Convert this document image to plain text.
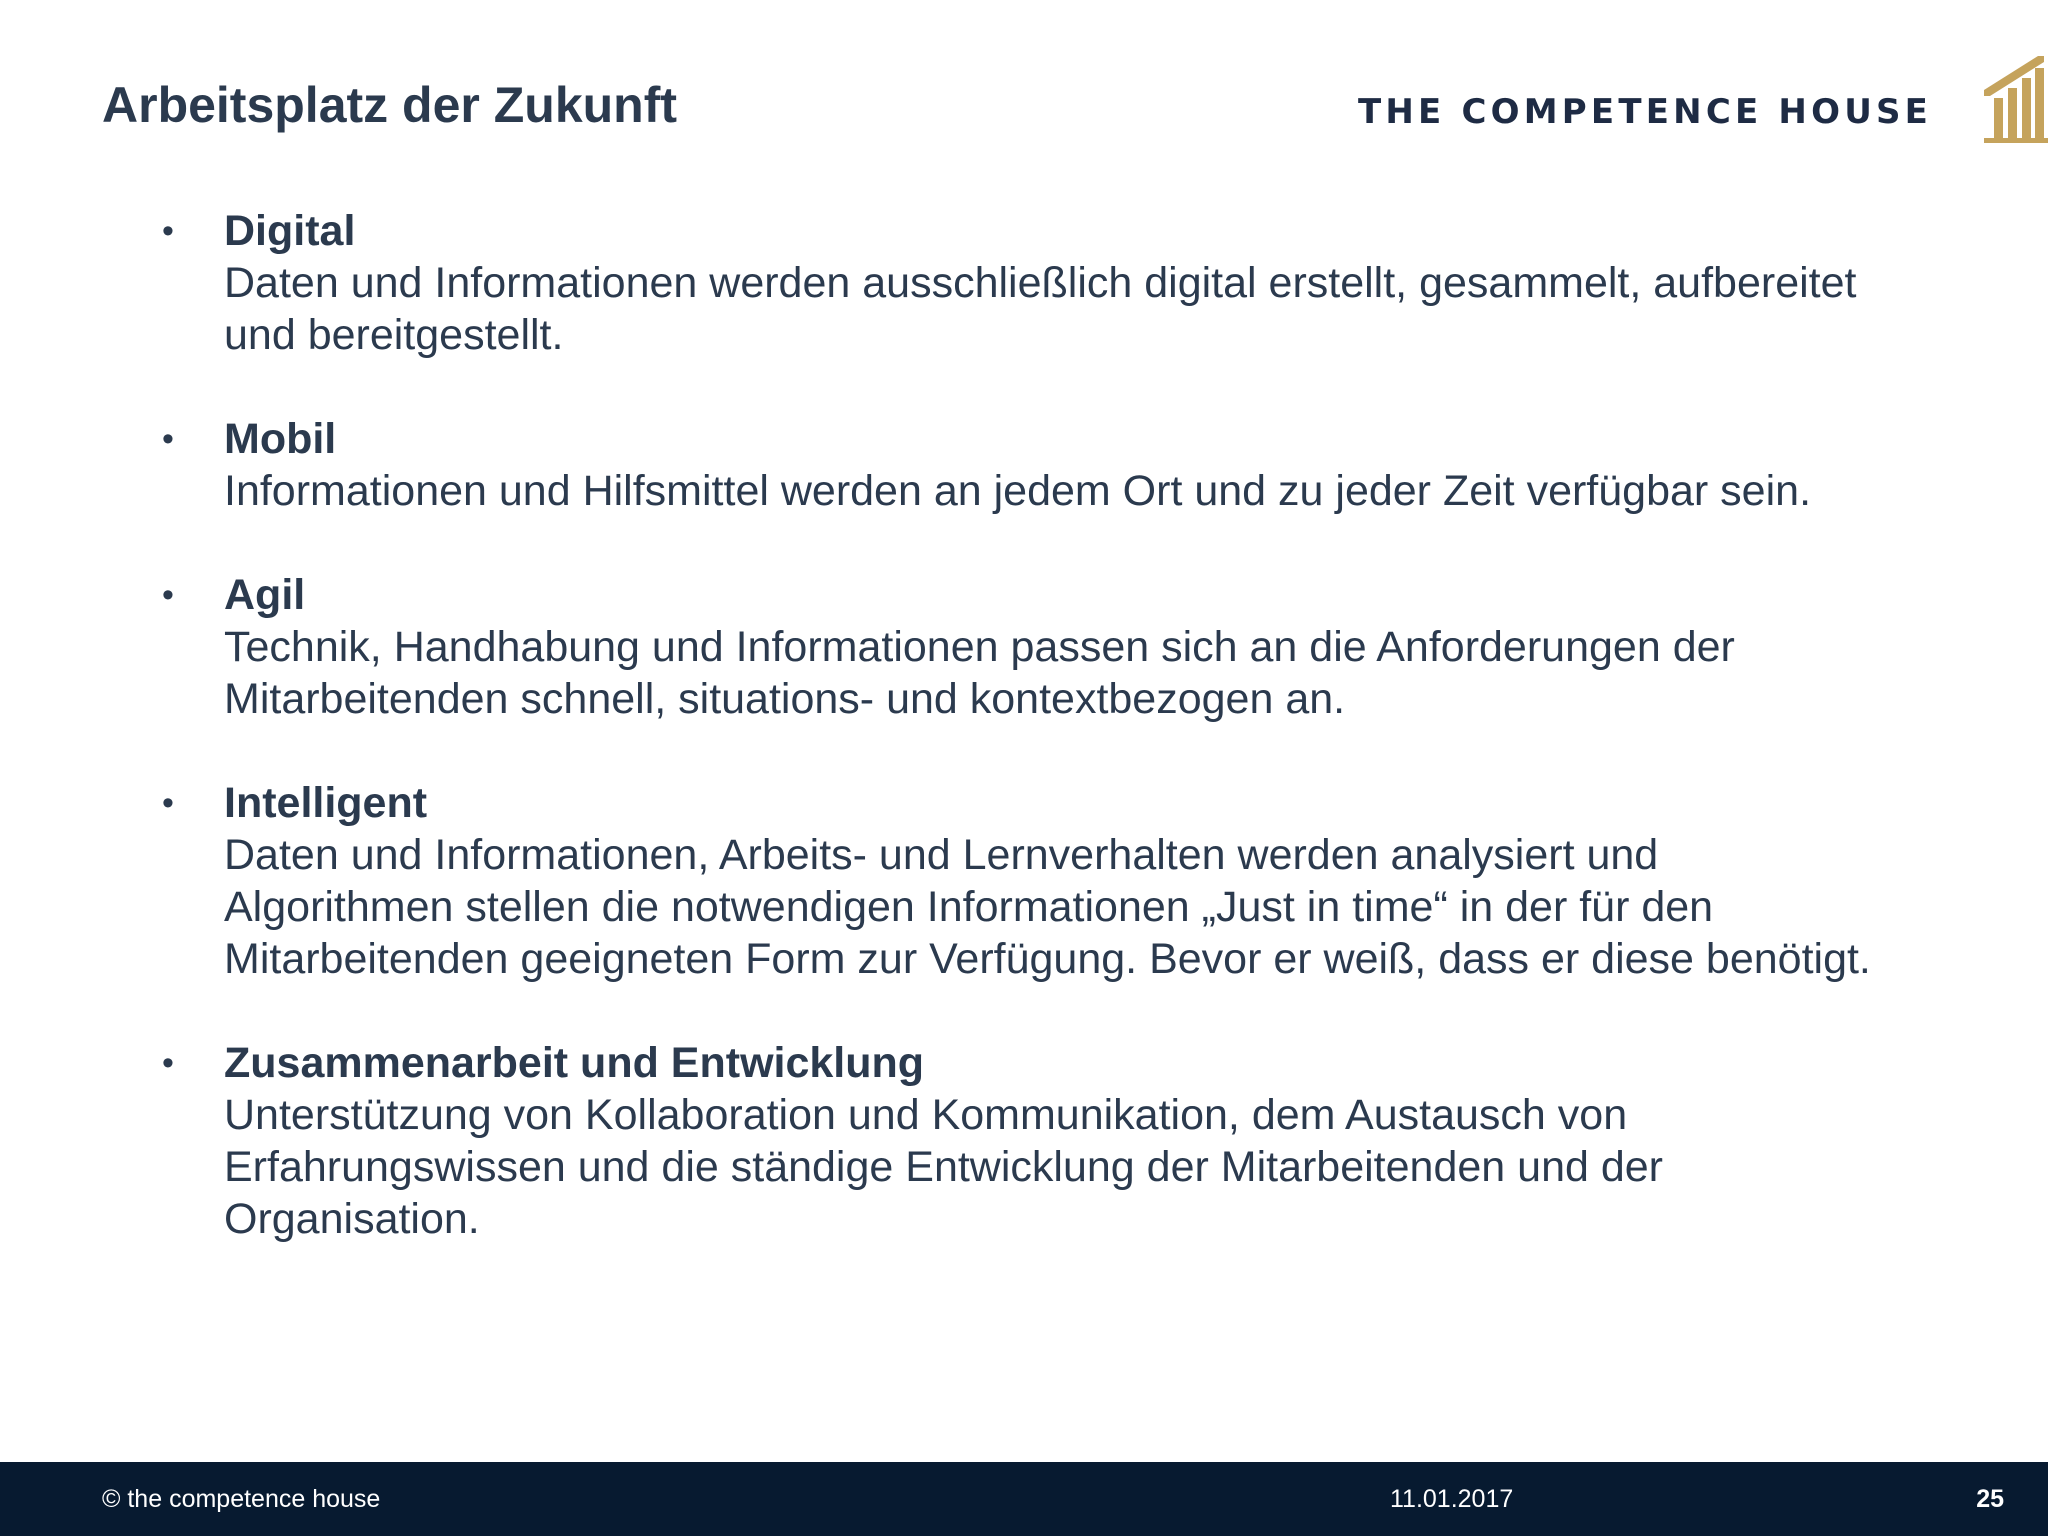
Arbeitsplatz der Zukunft	THE COMPETENCE HOUSE
• Digital
Daten und Informationen werden ausschließlich digital erstellt, gesammelt, aufbereitet und bereitgestellt.
• Mobil
Informationen und Hilfsmittel werden an jedem Ort und zu jeder Zeit verfügbar sein.
• Agil
Technik, Handhabung und Informationen passen sich an die Anforderungen der Mitarbeitenden schnell, situations- und kontextbezogen an.
• Intelligent
Daten und Informationen, Arbeits- und Lernverhalten werden analysiert und Algorithmen stellen die notwendigen Informationen „Just in time“ in der für den Mitarbeitenden geeigneten Form zur Verfügung. Bevor er weiß, dass er diese benötigt.
• Zusammenarbeit und Entwicklung
Unterstützung von Kollaboration und Kommunikation, dem Austausch von Erfahrungswissen und die ständige Entwicklung der Mitarbeitenden und der Organisation.
© the competence house	11.01.2017	25
